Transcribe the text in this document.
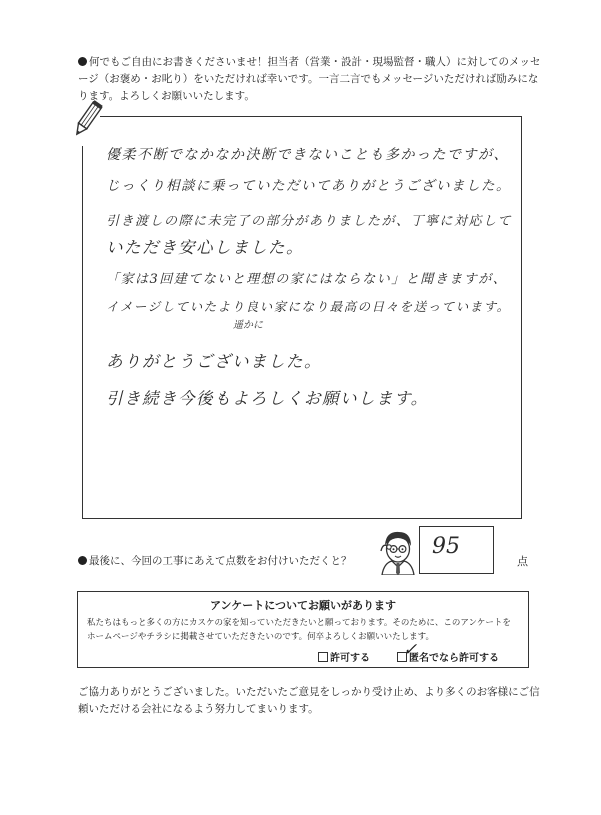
何でもご自由にお書きくださいませ！担当者（営業・設計・現場監督・職人）に対してのメッセージ（お褒め・お叱り）をいただければ幸いです。一言二言でもメッセージいただければ励みになります。よろしくお願いいたします。

優柔不断でなかなか決断できないことも多かったですが、

じっくり相談に乗っていただいてありがとうございました。

引き渡しの際に未完了の部分がありましたが、丁寧に対応して

いただき安心しました。

「家は3回建てないと理想の家にはならない」と聞きますが、

イメージしていたより良い家になり最高の日々を送っています。

遥かに

ありがとうございました。

引き続き今後もよろしくお願いします。

最後に、今回の工事にあえて点数をお付けいただくと？
95
点
アンケートについてお願いがあります

私たちはもっと多くの方にカスケの家を知っていただきたいと願っております。そのために、このアンケートをホームページやチラシに掲載させていただきたいのです。何卒よろしくお願いいたします。

許可する	匿名でなら許可する
✓

ご協力ありがとうございました。いただいたご意見をしっかり受け止め、より多くのお客様にご信頼いただける会社になるよう努力してまいります。
